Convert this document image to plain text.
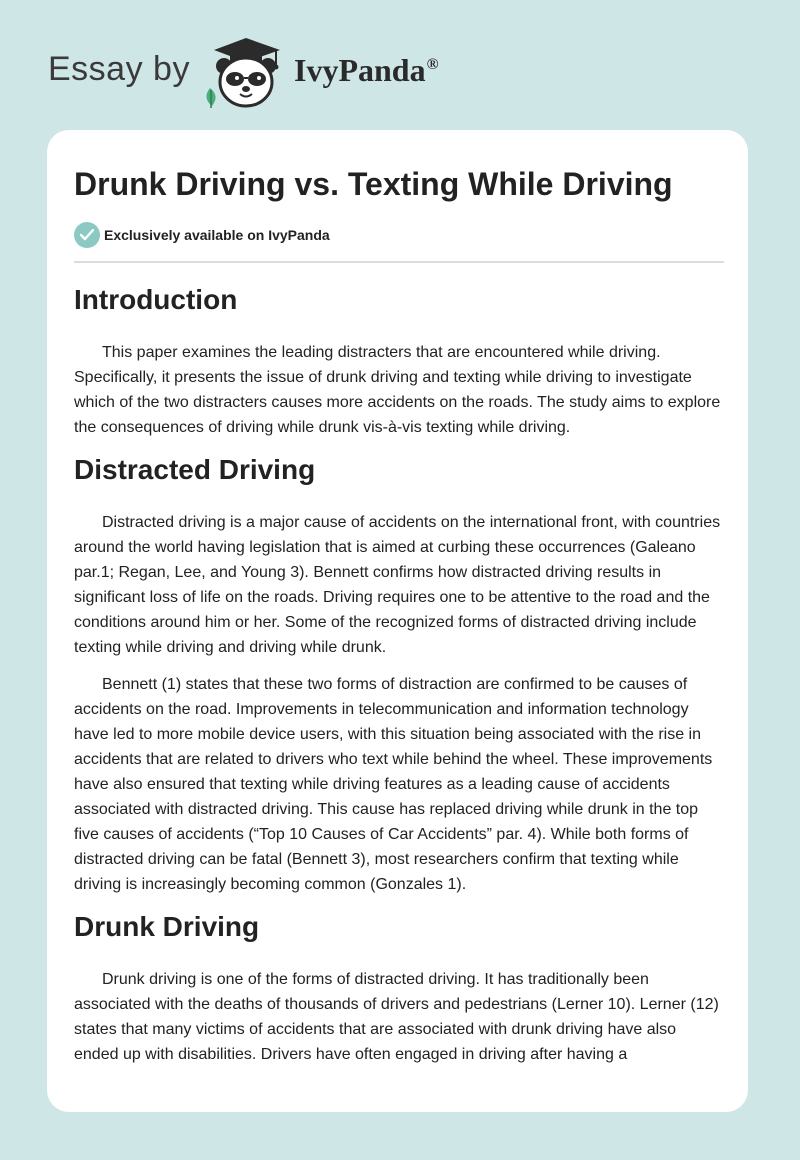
Essay by	IvyPanda®
Drunk Driving vs. Texting While Driving
Exclusively available on IvyPanda
Introduction

This paper examines the leading distracters that are encountered while driving. Specifically, it presents the issue of drunk driving and texting while driving to investigate which of the two distracters causes more accidents on the roads. The study aims to explore the consequences of driving while drunk vis-à-vis texting while driving.

Distracted Driving

Distracted driving is a major cause of accidents on the international front, with countries around the world having legislation that is aimed at curbing these occurrences (Galeano par.1; Regan, Lee, and Young 3). Bennett confirms how distracted driving results in significant loss of life on the roads. Driving requires one to be attentive to the road and the conditions around him or her. Some of the recognized forms of distracted driving include texting while driving and driving while drunk.

Bennett (1) states that these two forms of distraction are confirmed to be causes of accidents on the road. Improvements in telecommunication and information technology have led to more mobile device users, with this situation being associated with the rise in accidents that are related to drivers who text while behind the wheel. These improvements have also ensured that texting while driving features as a leading cause of accidents associated with distracted driving. This cause has replaced driving while drunk in the top five causes of accidents (“Top 10 Causes of Car Accidents” par. 4). While both forms of distracted driving can be fatal (Bennett 3), most researchers confirm that texting while driving is increasingly becoming common (Gonzales 1).

Drunk Driving

Drunk driving is one of the forms of distracted driving. It has traditionally been associated with the deaths of thousands of drivers and pedestrians (Lerner 10). Lerner (12) states that many victims of accidents that are associated with drunk driving have also ended up with disabilities. Drivers have often engaged in driving after having a
